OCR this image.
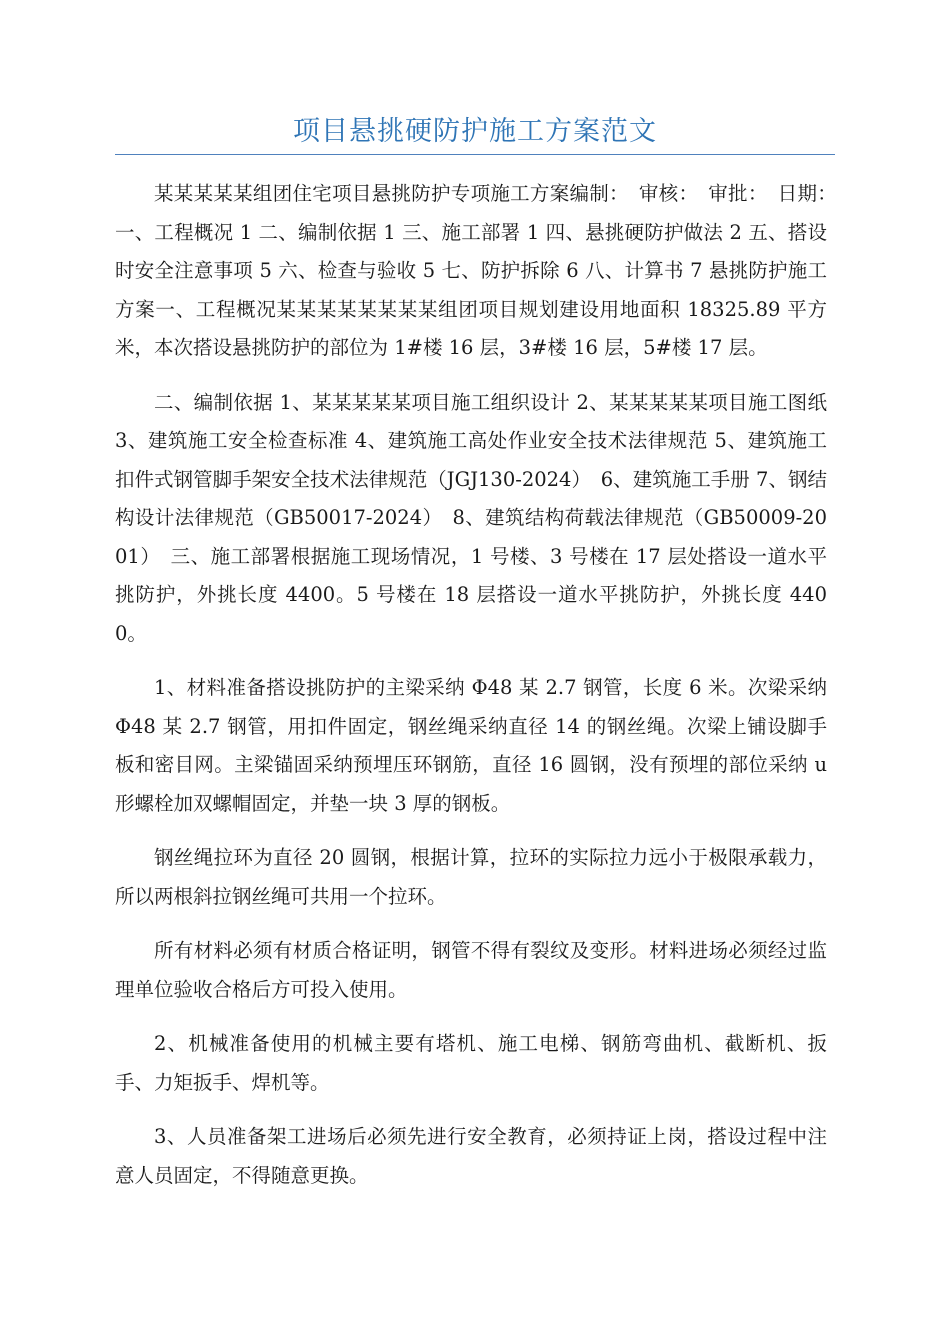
项目悬挑硬防护施工方案范文

某某某某某组团住宅项目悬挑防护专项施工方案编制：　审核：　审批：　日期：　一、工程概况 1 二、编制依据 1 三、施工部署 1 四、悬挑硬防护做法 2 五、搭设时安全注意事项 5 六、检查与验收 5 七、防护拆除 6 八、计算书 7 悬挑防护施工方案一、工程概况某某某某某某某某组团项目规划建设用地面积 18325.89 平方米，本次搭设悬挑防护的部位为 1#楼 16 层，3#楼 16 层，5#楼 17 层。

二、编制依据 1、某某某某某项目施工组织设计 2、某某某某某项目施工图纸 3、建筑施工安全检查标准 4、建筑施工高处作业安全技术法律规范 5、建筑施工扣件式钢管脚手架安全技术法律规范（JGJ130-2024）　6、建筑施工手册 7、钢结构设计法律规范（GB50017-2024）　8、建筑结构荷载法律规范（GB50009-2001）　三、施工部署根据施工现场情况，1 号楼、3 号楼在 17 层处搭设一道水平挑防护，外挑长度 4400。5 号楼在 18 层搭设一道水平挑防护，外挑长度 4400。

1、材料准备搭设挑防护的主梁采纳 Φ48 某 2.7 钢管，长度 6 米。次梁采纳 Φ48 某 2.7 钢管，用扣件固定，钢丝绳采纳直径 14 的钢丝绳。次梁上铺设脚手板和密目网。主梁锚固采纳预埋压环钢筋，直径 16 圆钢，没有预埋的部位采纳 u 形螺栓加双螺帽固定，并垫一块 3 厚的钢板。

钢丝绳拉环为直径 20 圆钢，根据计算，拉环的实际拉力远小于极限承载力，所以两根斜拉钢丝绳可共用一个拉环。

所有材料必须有材质合格证明，钢管不得有裂纹及变形。材料进场必须经过监理单位验收合格后方可投入使用。

2、机械准备使用的机械主要有塔机、施工电梯、钢筋弯曲机、截断机、扳手、力矩扳手、焊机等。

3、人员准备架工进场后必须先进行安全教育，必须持证上岗，搭设过程中注意人员固定，不得随意更换。
